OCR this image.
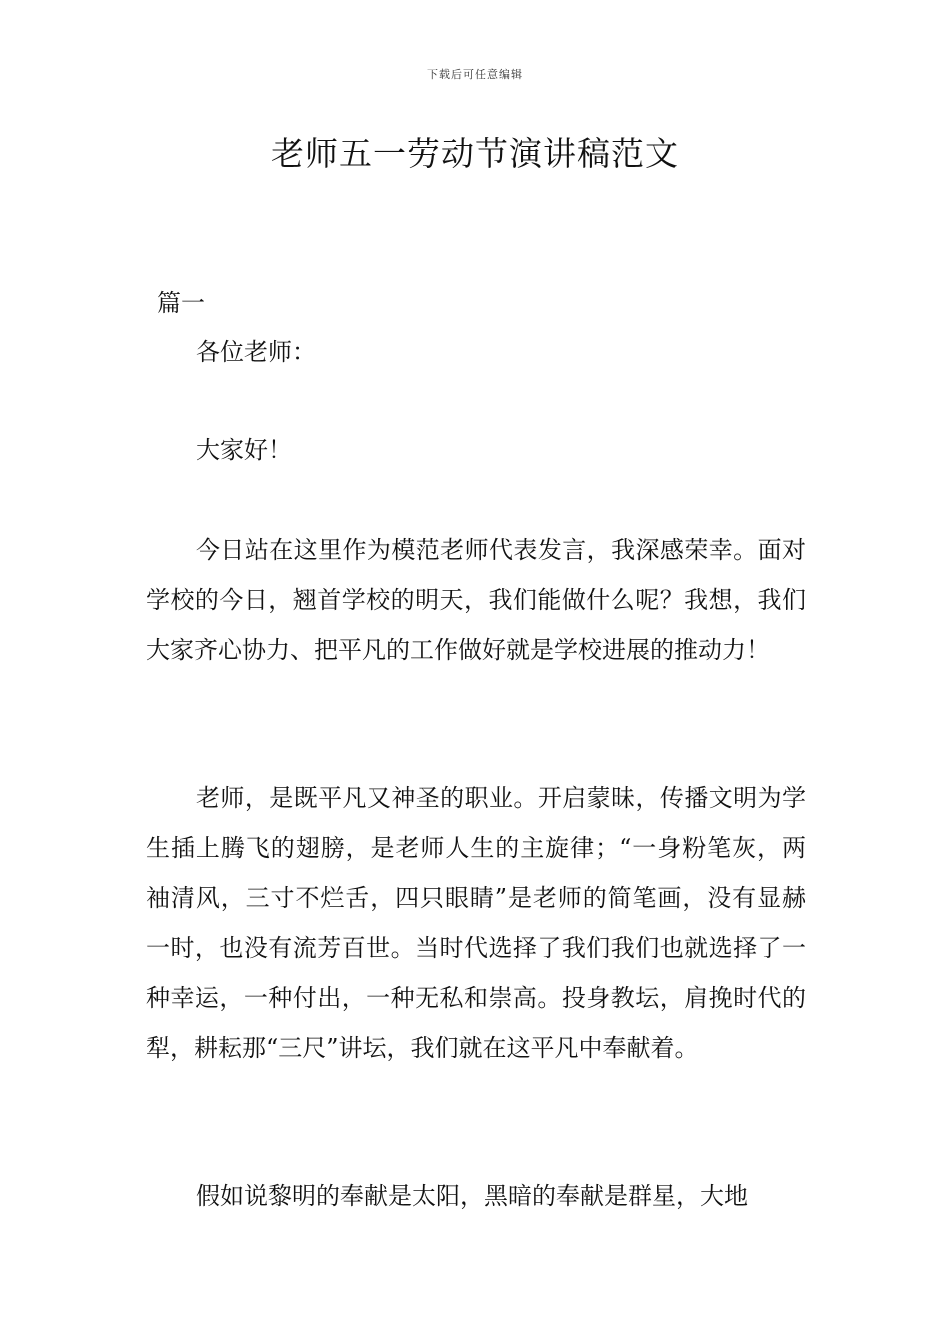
下载后可任意编辑
老师五一劳动节演讲稿范文

篇一

各位老师：

大家好！

今日站在这里作为模范老师代表发言，我深感荣幸。面对学校的今日，翘首学校的明天，我们能做什么呢？我想，我们大家齐心协力、把平凡的工作做好就是学校进展的推动力！

老师，是既平凡又神圣的职业。开启蒙昧，传播文明为学生插上腾飞的翅膀，是老师人生的主旋律；“一身粉笔灰，两袖清风，三寸不烂舌，四只眼睛”是老师的简笔画，没有显赫一时，也没有流芳百世。当时代选择了我们我们也就选择了一种幸运，一种付出，一种无私和崇高。投身教坛，肩挽时代的犁，耕耘那“三尺”讲坛，我们就在这平凡中奉献着。

假如说黎明的奉献是太阳，黑暗的奉献是群星，大地
